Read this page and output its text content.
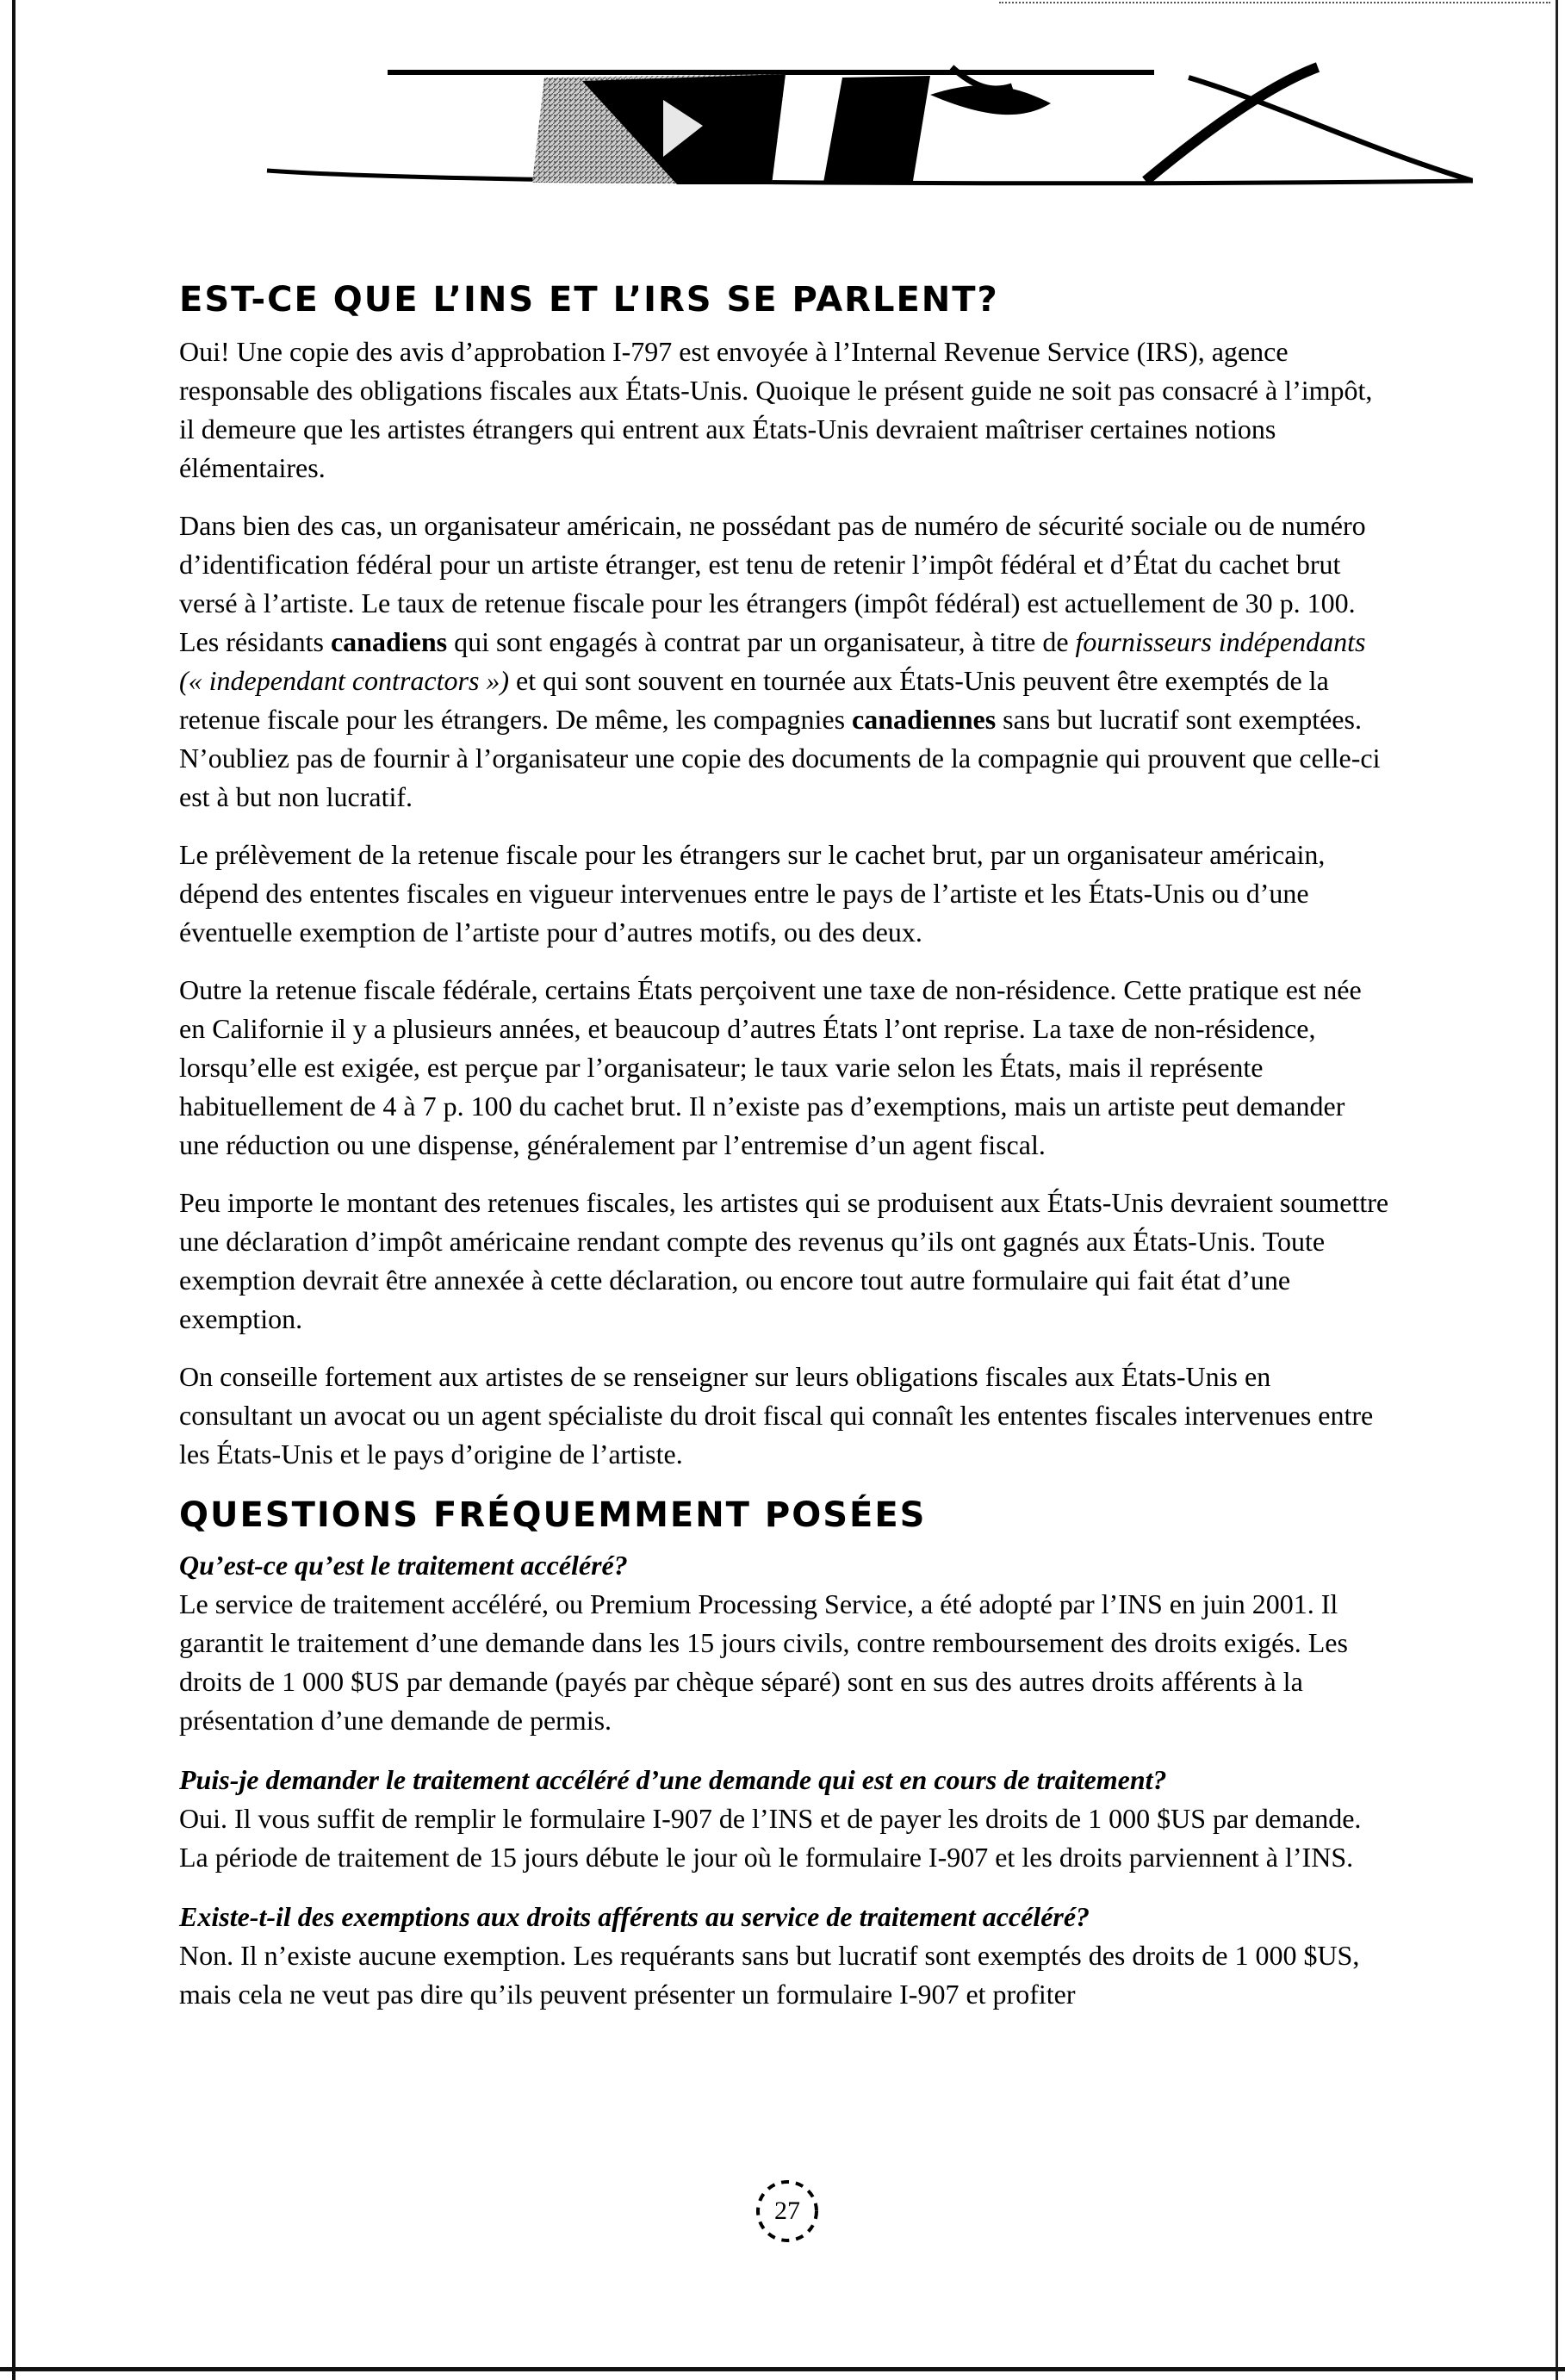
EST-CE QUE L’INS ET L’IRS SE PARLENT?

Oui! Une copie des avis d’approbation I-797 est envoyée à l’Internal Revenue Service (IRS), agence responsable des obligations fiscales aux États-Unis. Quoique le présent guide ne soit pas consacré à l’impôt, il demeure que les artistes étrangers qui entrent aux États-Unis devraient maîtriser certaines notions élémentaires.

Dans bien des cas, un organisateur américain, ne possédant pas de numéro de sécurité sociale ou de numéro d’identification fédéral pour un artiste étranger, est tenu de retenir l’impôt fédéral et d’État du cachet brut versé à l’artiste. Le taux de retenue fiscale pour les étrangers (impôt fédéral) est actuellement de 30 p. 100. Les résidants canadiens qui sont engagés à contrat par un organisateur, à titre de fournisseurs indépendants (« independant contractors ») et qui sont souvent en tournée aux États-Unis peuvent être exemptés de la retenue fiscale pour les étrangers. De même, les compagnies canadiennes sans but lucratif sont exemptées. N’oubliez pas de fournir à l’organisateur une copie des documents de la compagnie qui prouvent que celle-ci est à but non lucratif.

Le prélèvement de la retenue fiscale pour les étrangers sur le cachet brut, par un organisateur américain, dépend des ententes fiscales en vigueur intervenues entre le pays de l’artiste et les États-Unis ou d’une éventuelle exemption de l’artiste pour d’autres motifs, ou des deux.

Outre la retenue fiscale fédérale, certains États perçoivent une taxe de non-résidence. Cette pratique est née en Californie il y a plusieurs années, et beaucoup d’autres États l’ont reprise. La taxe de non-résidence, lorsqu’elle est exigée, est perçue par l’organisateur; le taux varie selon les États, mais il représente habituellement de 4 à 7 p. 100 du cachet brut. Il n’existe pas d’exemptions, mais un artiste peut demander une réduction ou une dispense, généralement par l’entremise d’un agent fiscal.

Peu importe le montant des retenues fiscales, les artistes qui se produisent aux États-Unis devraient soumettre une déclaration d’impôt américaine rendant compte des revenus qu’ils ont gagnés aux États-Unis. Toute exemption devrait être annexée à cette déclaration, ou encore tout autre formulaire qui fait état d’une exemption.

On conseille fortement aux artistes de se renseigner sur leurs obligations fiscales aux États-Unis en consultant un avocat ou un agent spécialiste du droit fiscal qui connaît les ententes fiscales intervenues entre les États-Unis et le pays d’origine de l’artiste.

QUESTIONS FRÉQUEMMENT POSÉES
Qu’est-ce qu’est le traitement accéléré?
Le service de traitement accéléré, ou Premium Processing Service, a été adopté par l’INS en juin 2001. Il garantit le traitement d’une demande dans les 15 jours civils, contre remboursement des droits exigés. Les droits de 1 000 $US par demande (payés par chèque séparé) sont en sus des autres droits afférents à la présentation d’une demande de permis.
Puis-je demander le traitement accéléré d’une demande qui est en cours de traitement?
Oui. Il vous suffit de remplir le formulaire I-907 de l’INS et de payer les droits de 1 000 $US par demande. La période de traitement de 15 jours débute le jour où le formulaire I-907 et les droits parviennent à l’INS.
Existe-t-il des exemptions aux droits afférents au service de traitement accéléré?
Non. Il n’existe aucune exemption. Les requérants sans but lucratif sont exemptés des droits de 1 000 $US, mais cela ne veut pas dire qu’ils peuvent présenter un formulaire I-907 et profiter
27
